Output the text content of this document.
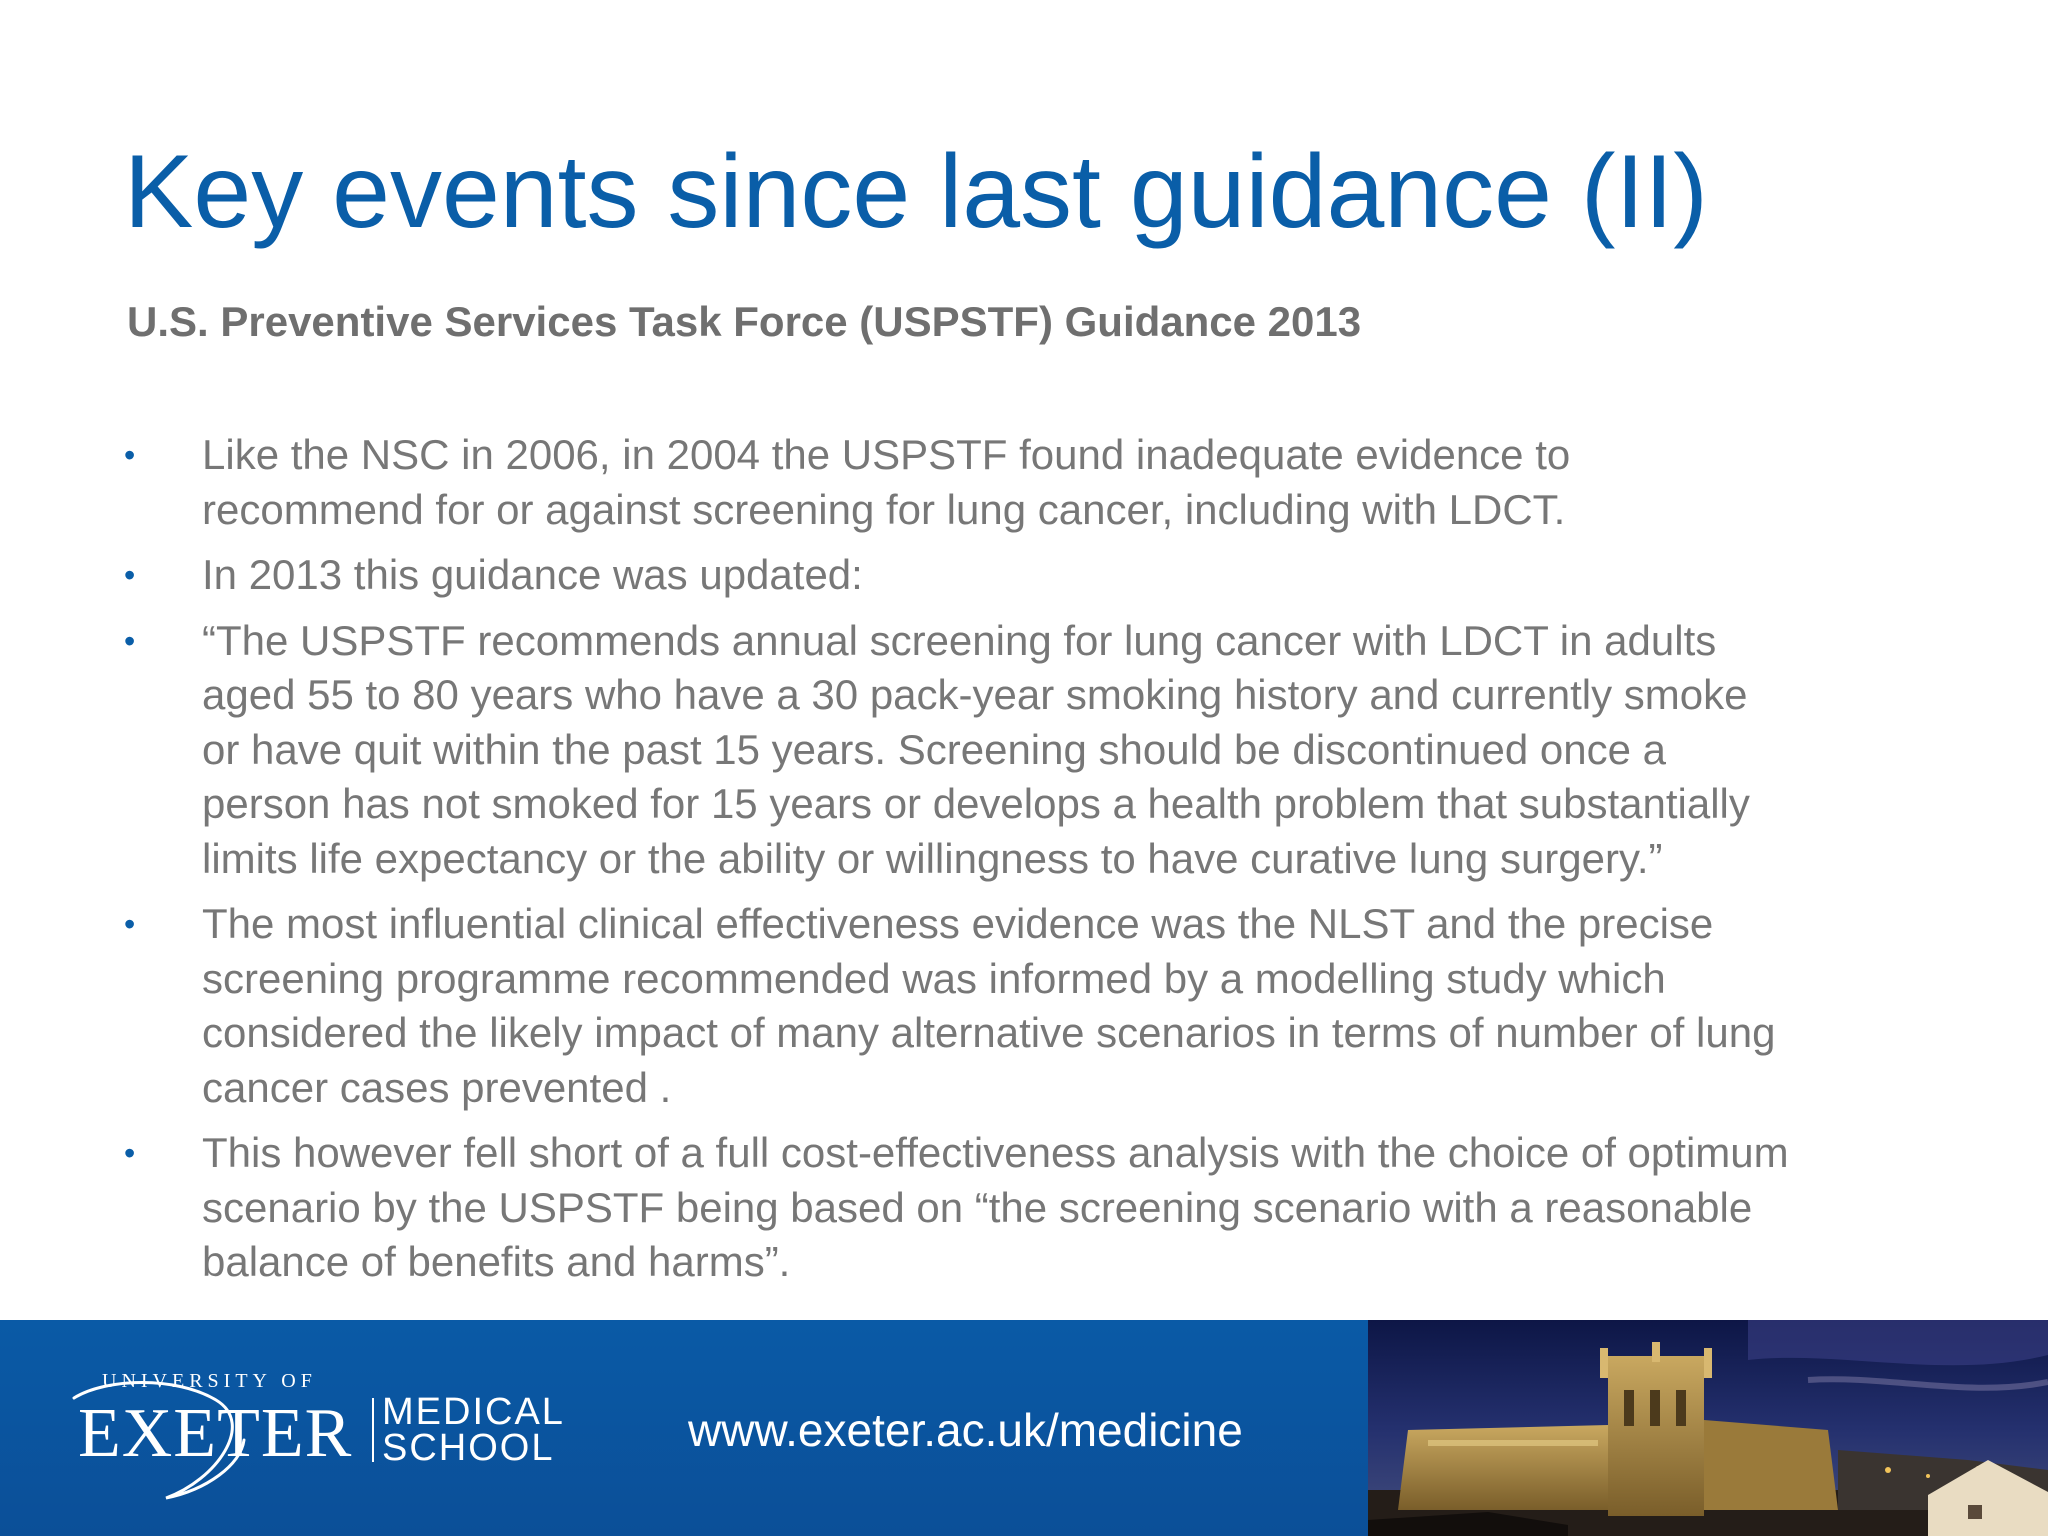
Key events since last guidance (II)
U.S. Preventive Services Task Force (USPSTF) Guidance 2013
• Like the NSC in 2006, in 2004 the USPSTF found inadequate evidence to
recommend for or against screening for lung cancer, including with LDCT.
• In 2013 this guidance was updated:
• “The USPSTF recommends annual screening for lung cancer with LDCT in adults
aged 55 to 80 years who have a 30 pack-year smoking history and currently smoke
or have quit within the past 15 years. Screening should be discontinued once a
person has not smoked for 15 years or develops a health problem that substantially
limits life expectancy or the ability or willingness to have curative lung surgery.”
• The most influential clinical effectiveness evidence was the NLST and the precise
screening programme recommended was informed by a modelling study which
considered the likely impact of many alternative scenarios in terms of number of lung
cancer cases prevented .
• This however fell short of a full cost-effectiveness analysis with the choice of optimum
scenario by the USPSTF being based on “the screening scenario with a reasonable
balance of benefits and harms”.
UNIVERSITY OF
EXETER MEDICAL
SCHOOL	www.exeter.ac.uk/medicine
